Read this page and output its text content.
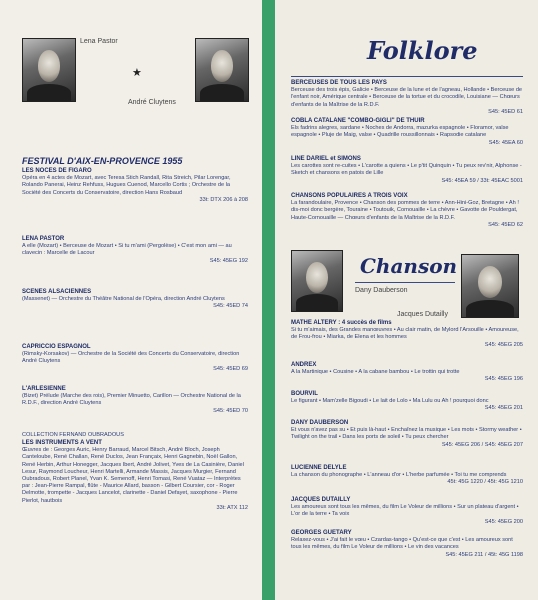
Lena Pastor
★
André Cluytens
FESTIVAL D'AIX-EN-PROVENCE 1955
LES NOCES DE FIGARO
Opéra en 4 actes de Mozart, avec Teresa Stich Randall, Rita Streich, Pilar Lorengar, Rolando Panerai, Heinz Rehfuss, Hugues Cuenod, Marcello Cortis ; Orchestre de la Société des Concerts du Conservatoire, direction Hans Rosbaud
33t: DTX 206 à 208
LENA PASTOR
A elle (Mozart) • Berceuse de Mozart • Si tu m'ami (Pergolèse) • C'est mon ami — au clavecin : Marcelle de Lacour
S45: 45EG 192
SCENES ALSACIENNES
(Massenet) — Orchestre du Théâtre National de l'Opéra, direction André Cluytens
S45: 45ED 74
CAPRICCIO ESPAGNOL
(Rimsky-Korsakov) — Orchestre de la Société des Concerts du Conservatoire, direction André Cluytens
S45: 45ED 69
L'ARLESIENNE
(Bizet) Prélude (Marche des rois), Premier Minuetto, Carillon — Orchestre National de la R.D.F., direction André Cluytens
S45: 45ED 70
COLLECTION FERNAND OUBRADOUS
LES INSTRUMENTS A VENT
Œuvres de : Georges Auric, Henry Barraud, Marcel Bitsch, André Bloch, Joseph Canteloube, René Challan, René Duclos, Jean Françaix, Henri Gagnebin, Noël Gallon, René Herbin, Arthur Honegger, Jacques Ibert, André Jolivet, Yves de La Casinière, Daniel Lesur, Raymond Loucheur, Henri Martelli, Armande Massis, Jacques Murgier, Fernand Oubradous, Robert Planel, Yvan K. Semenoff, Henri Tomasi, René Vuataz — Interprètes par : Jean-Pierre Rampal, flûte - Maurice Allard, basson - Gilbert Coursier, cor - Roger Delmotte, trompette - Jacques Lancelot, clarinette - Daniel Defayet, saxophone - Pierre Pierlot, hautbois
33t: ATX 112
Folklore
BERCEUSES DE TOUS LES PAYS
Berceuse des trois épis, Galicie • Berceuse de la lune et de l'agneau, Hollande • Berceuse de l'enfant noir, Amérique centrale • Berceuse de la tortue et du crocodile, Louisiane — Chœurs d'enfants de la Maîtrise de la R.D.F.
S45: 45ED 61
COBLA CATALANE "COMBO-GIGLI" DE THUIR
Els fadrins alegres, sardane • Noches de Andorra, mazurka espagnole • Floramor, valse espagnole • Pluje de Maig, valse • Quadrille roussillonnais • Rapsodie catalane
S45: 45EA 60
LINE DARIEL et SIMONS
Les carottes sont re-cuites • L'carotte a quiens • Le p'tit Quinquin • Tu peux rev'nir, Alphonse - Sketch et chansons en patois de Lille
S45: 45EA 59 / 33t: 45EAC 5001
CHANSONS POPULAIRES A TROIS VOIX
La farandoulaire, Provence • Chanson des pommes de terre • Ann-Hini-Goz, Bretagne • Ah ! dis-moi donc bergère, Touraine • Toutouik, Cornouaille • La chèvre • Gavotte de Pouldergat, Haute-Cornouaille — Chœurs d'enfants de la Maîtrise de la R.D.F.
S45: 45ED 62
Chanson
Dany Dauberson
Jacques Dutailly
MATHE ALTERY : 4 succès de films
Si tu m'aimais, des Grandes manœuvres • Au clair matin, de Mylord l'Arsouille • Amoureuse, de Frou-frou • Miarka, de Elena et les hommes
S45: 45EG 205
ANDREX
A la Martinique • Cousine • A la cabane bambou • Le trottin qui trotte
S45: 45EG 196
BOURVIL
Le figurant • Mam'zelle Bigoudi • Le lait de Lolo • Ma Lulu ou Ah ! pourquoi donc
S45: 45EG 201
DANY DAUBERSON
Et vous n'avez pas su • Et puis là-haut • Enchaînez la musique • Les mots • Stormy weather • Twilight on the trail • Dans les ports de soleil • Tu peux chercher
S45: 45EG 206 / S45: 45EG 207
LUCIENNE DELYLE
La chanson du phonographe • L'anneau d'or • L'herbe parfumée • Toi tu me comprends
45t: 45G 1220 / 45t: 45G 1210
JACQUES DUTAILLY
Les amoureux sont tous les mêmes, du film Le Voleur de millions • Sur un plateau d'argent • L'or de la terre • Ta voix
S45: 45EG 200
GEORGES GUETARY
Relaxez-vous • J'ai fait le vœu • Czardas-tango • Qu'est-ce que c'est • Les amoureux sont tous les mêmes, du film Le Voleur de millions • Le vin des vacances
S45: 45EG 211 / 45t: 45G 1198
